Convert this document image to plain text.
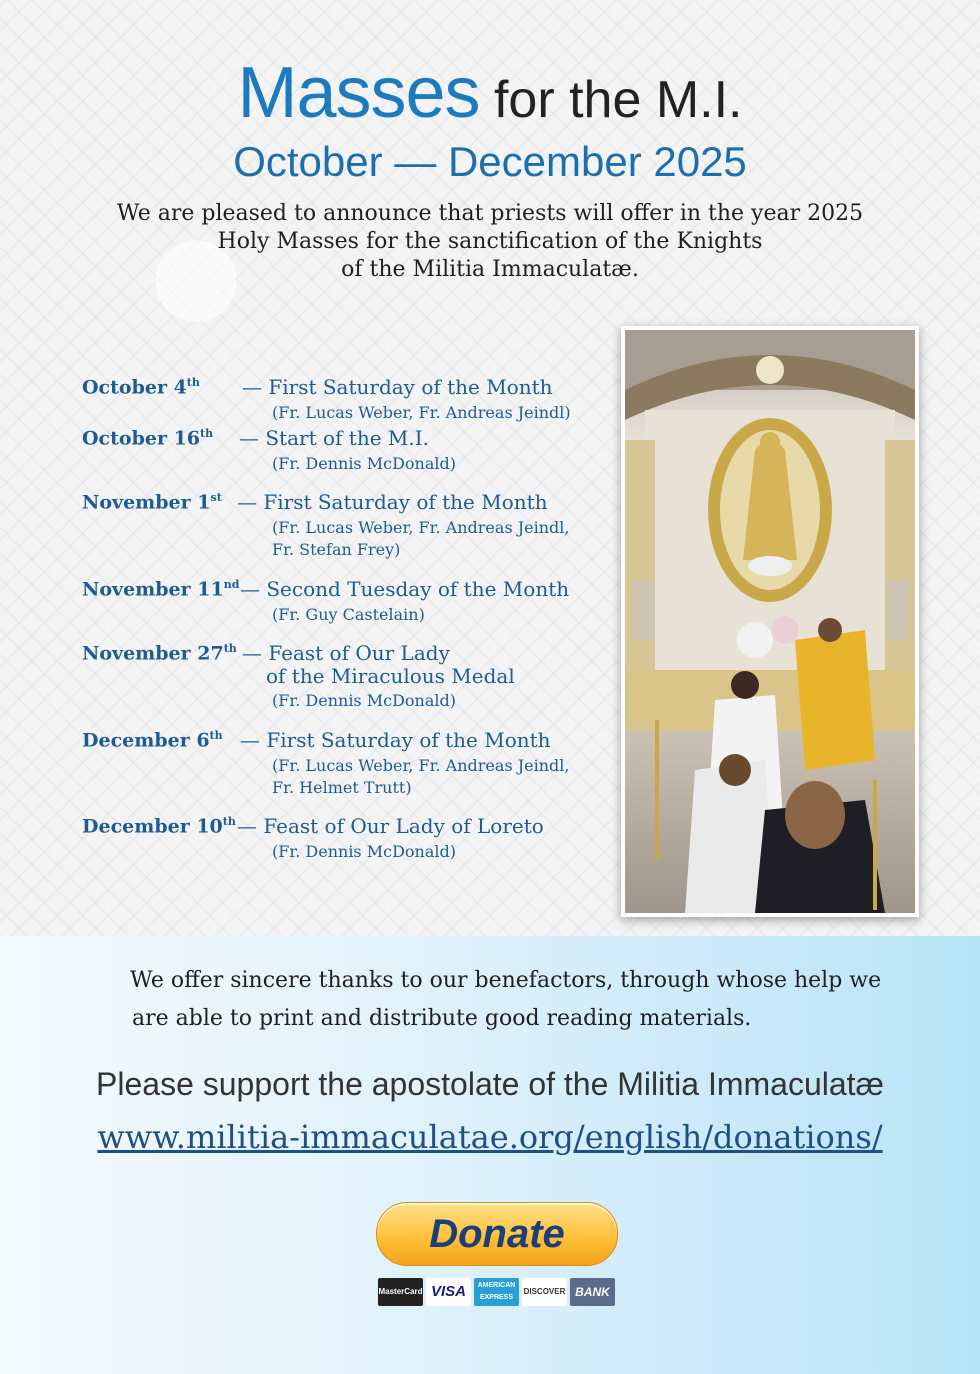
Masses for the M.I.
October — December 2025
We are pleased to announce that priests will offer in the year 2025
Holy Masses for the sanctification of the Knights
of the Militia Immaculatæ.
October 4th — First Saturday of the Month
(Fr. Lucas Weber, Fr. Andreas Jeindl)
October 16th — Start of the M.I.
(Fr. Dennis McDonald)
November 1st — First Saturday of the Month
(Fr. Lucas Weber, Fr. Andreas Jeindl,
Fr. Stefan Frey)
November 11nd — Second Tuesday of the Month
(Fr. Guy Castelain)
November 27th — Feast of Our Lady
of the Miraculous Medal
(Fr. Dennis McDonald)
December 6th — First Saturday of the Month
(Fr. Lucas Weber, Fr. Andreas Jeindl,
Fr. Helmet Trutt)
December 10th — Feast of Our Lady of Loreto
(Fr. Dennis McDonald)
We offer sincere thanks to our benefactors, through whose help we
are able to print and distribute good reading materials.
Please support the apostolate of the Militia Immaculatæ
www.militia-immaculatae.org/english/donations/
Donate
MasterCard VISA	AMERICAN EXPRESS
DISCOVER BANK
